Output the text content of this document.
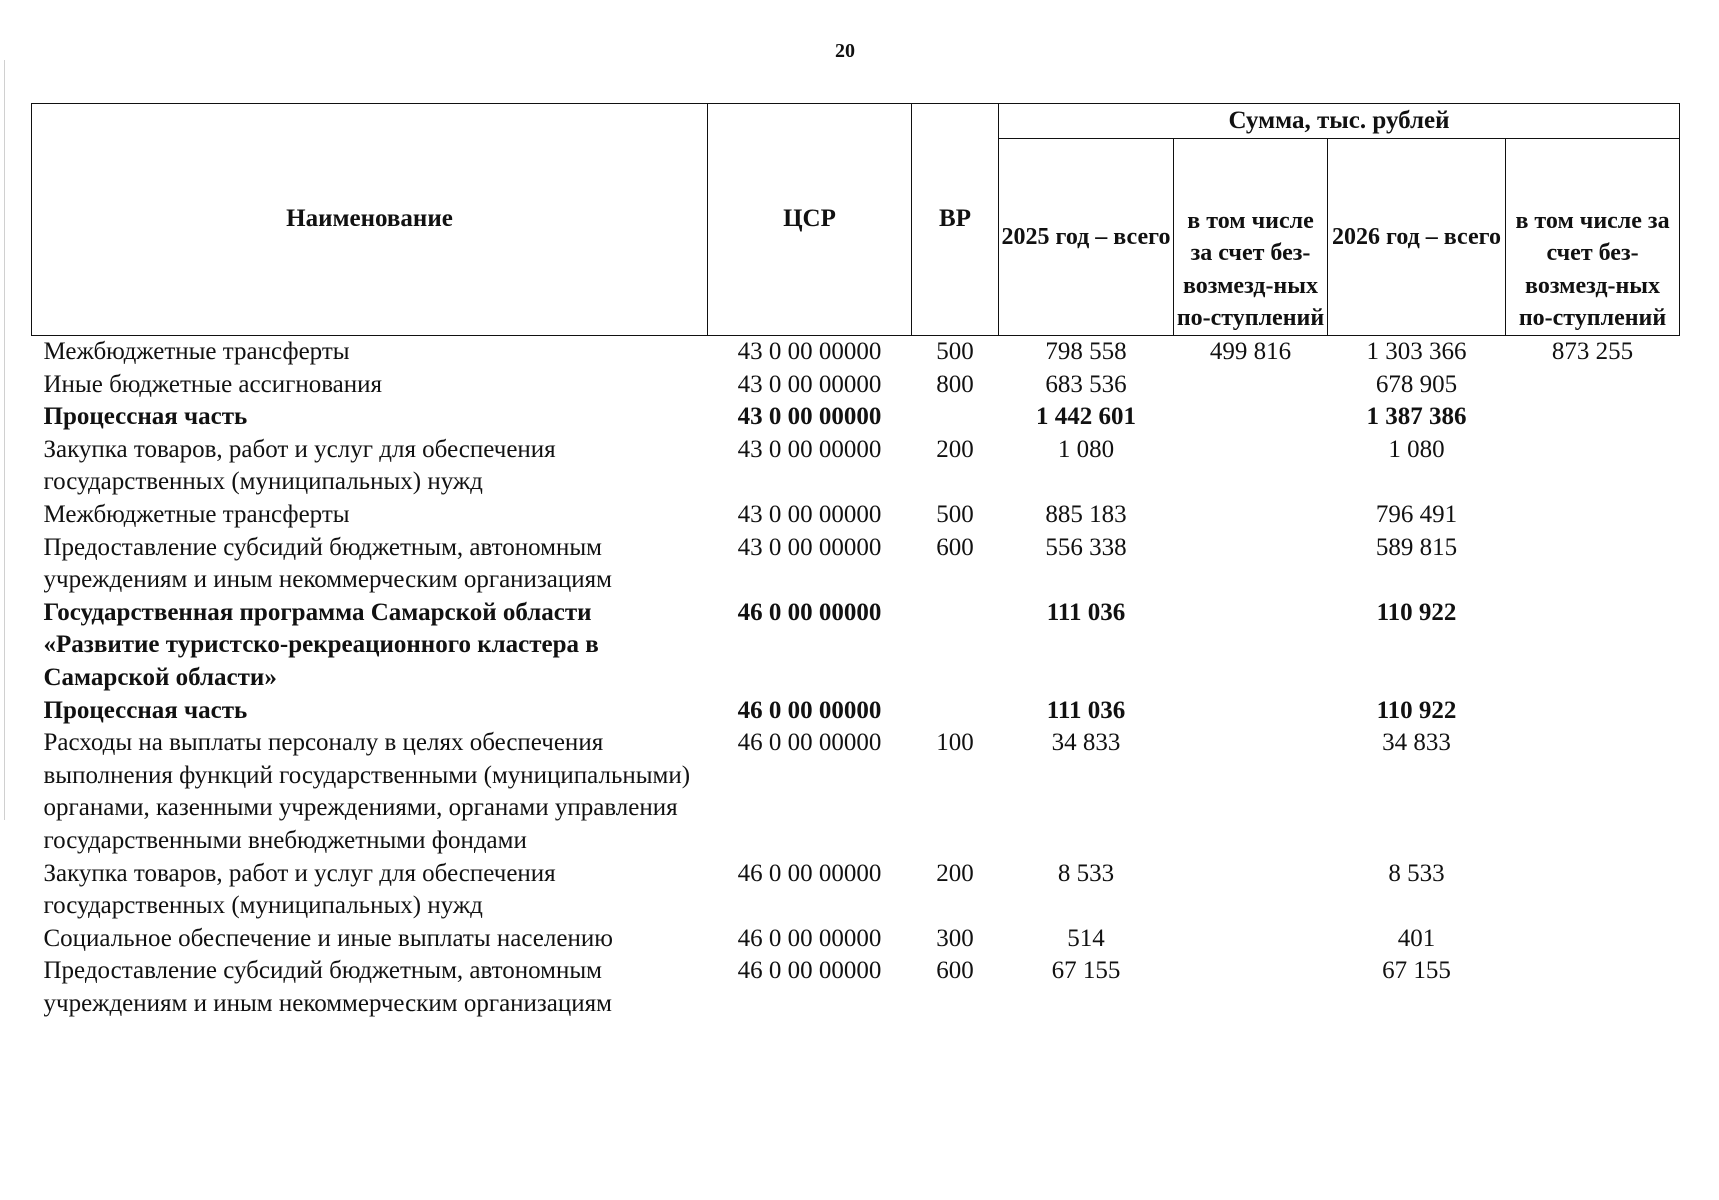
20
Наименование	ЦСР	ВР	Сумма, тыс. рублей			
			2025 год – всего	в том числе за счет без-возмезд-ных по-ступлений	2026 год – всего	в том числе за счет без-возмезд-ных по-ступлений
Межбюджетные трансферты	43 0 00 00000	500	798 558	499 816	1 303 366	873 255
Иные бюджетные ассигнования	43 0 00 00000	800	683 536		678 905	
Процессная часть	43 0 00 00000		1 442 601		1 387 386	
Закупка товаров, работ и услуг для обеспечения государственных (муниципальных) нужд	43 0 00 00000	200	1 080		1 080	
Межбюджетные трансферты	43 0 00 00000	500	885 183		796 491	
Предоставление субсидий бюджетным, автономным учреждениям и иным некоммерческим организациям	43 0 00 00000	600	556 338		589 815	
Государственная программа Самарской области «Развитие туристско-рекреационного кластера в Самарской области»	46 0 00 00000		111 036		110 922	
Процессная часть	46 0 00 00000		111 036		110 922	
Расходы на выплаты персоналу в целях обеспечения выполнения функций государственными (муниципальными) органами, казенными учреждениями, органами управления государственными внебюджетными фондами	46 0 00 00000	100	34 833		34 833	
Закупка товаров, работ и услуг для обеспечения государственных (муниципальных) нужд	46 0 00 00000	200	8 533		8 533	
Социальное обеспечение и иные выплаты населению	46 0 00 00000	300	514		401	
Предоставление субсидий бюджетным, автономным учреждениям и иным некоммерческим организациям	46 0 00 00000	600	67 155		67 155	
